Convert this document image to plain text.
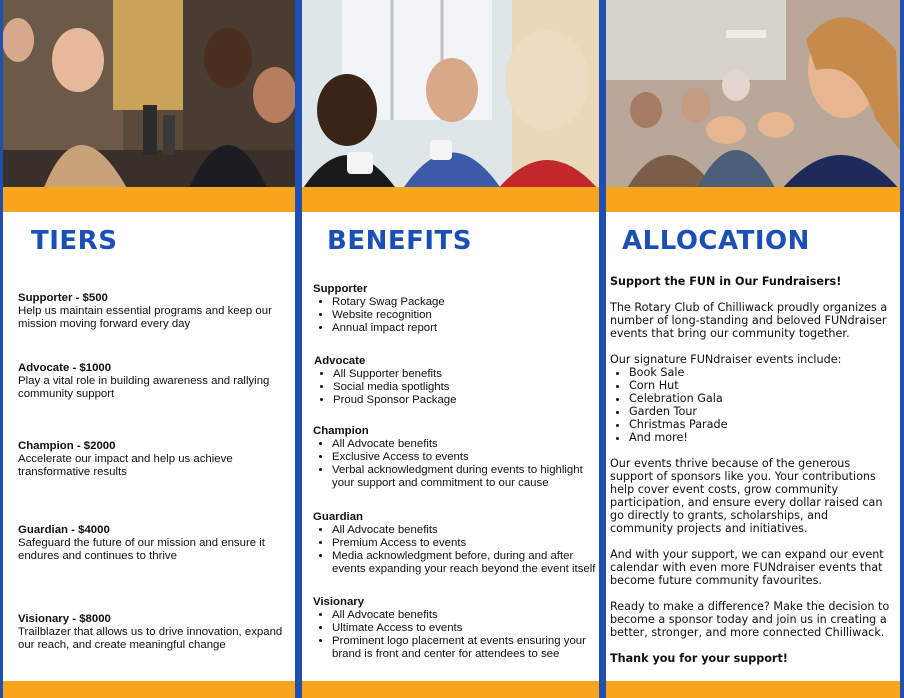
TIERS
Supporter - $500
Help us maintain essential programs and keep our mission moving forward every day
Advocate - $1000
Play a vital role in building awareness and rallying community support
Champion - $2000
Accelerate our impact and help us achieve transformative results
Guardian - $4000
Safeguard the future of our mission and ensure it endures and continues to thrive
Visionary - $8000
Trailblazer that allows us to drive innovation, expand our reach, and create meaningful change
BENEFITS
Supporter
• Rotary Swag Package
• Website recognition
• Annual impact report
Advocate
• All Supporter benefits
• Social media spotlights
• Proud Sponsor Package
Champion
• All Advocate benefits
• Exclusive Access to events
• Verbal acknowledgment during events to highlight your support and commitment to our cause
Guardian
• All Advocate benefits
• Premium Access to events
• Media acknowledgment before, during and after events expanding your reach beyond the event itself
Visionary
• All Advocate benefits
• Ultimate Access to events
• Prominent logo placement at events ensuring your brand is front and center for attendees to see
ALLOCATION

Support the FUN in Our Fundraisers!

The Rotary Club of Chilliwack proudly organizes a number of long-standing and beloved FUNdraiser events that bring our community together.

Our signature FUNdraiser events include:

• Book Sale
• Corn Hut
• Celebration Gala
• Garden Tour
• Christmas Parade
• And more!

Our events thrive because of the generous support of sponsors like you. Your contributions help cover event costs, grow community participation, and ensure every dollar raised can go directly to grants, scholarships, and community projects and initiatives.

And with your support, we can expand our event calendar with even more FUNdraiser events that become future community favourites.

Ready to make a difference? Make the decision to become a sponsor today and join us in creating a better, stronger, and more connected Chilliwack.

Thank you for your support!
